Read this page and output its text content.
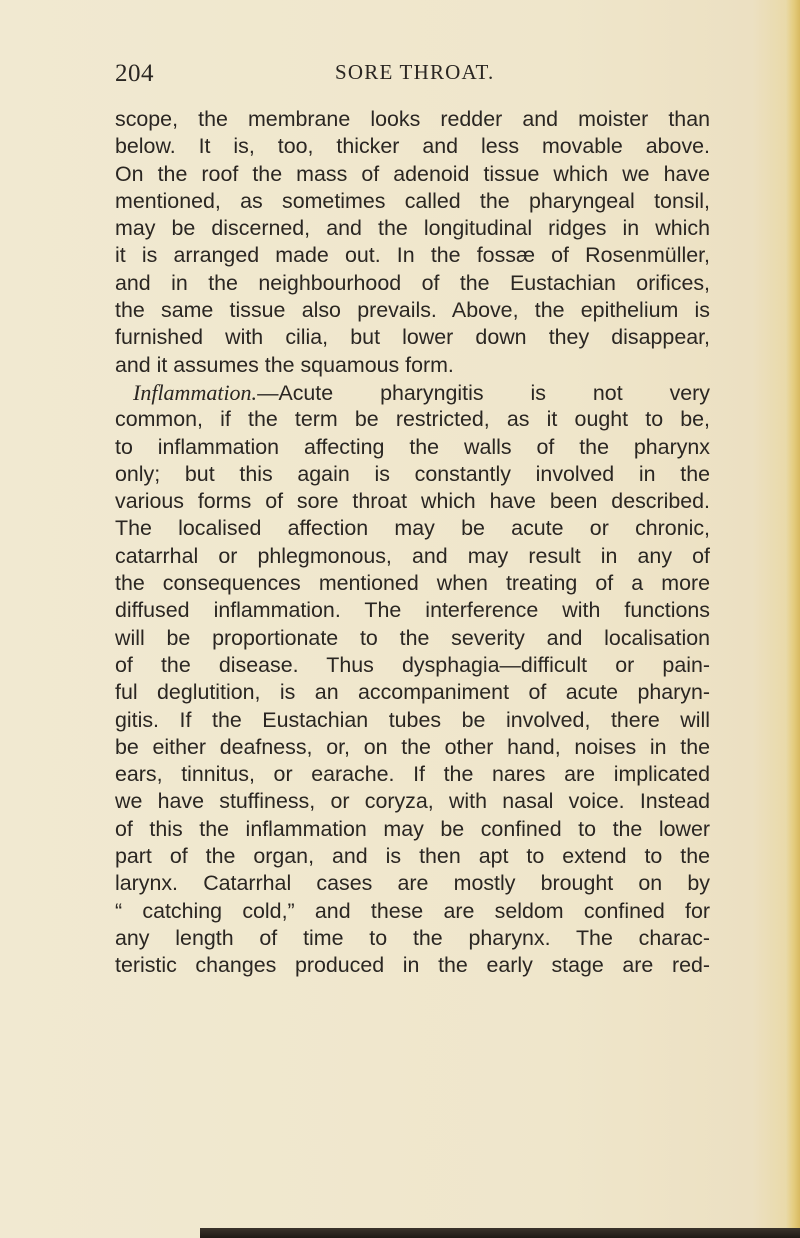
204	SORE THROAT.
scope, the membrane looks redder and moister than
below. It is, too, thicker and less movable above.
On the roof the mass of adenoid tissue which we have
mentioned, as sometimes called the pharyngeal tonsil,
may be discerned, and the longitudinal ridges in which
it is arranged made out. In the fossæ of Rosenmüller,
and in the neighbourhood of the Eustachian orifices,
the same tissue also prevails. Above, the epithelium is
furnished with cilia, but lower down they disappear,
and it assumes the squamous form.
Inflammation.—Acute pharyngitis is not very
common, if the term be restricted, as it ought to be,
to inflammation affecting the walls of the pharynx
only; but this again is constantly involved in the
various forms of sore throat which have been described.
The localised affection may be acute or chronic,
catarrhal or phlegmonous, and may result in any of
the consequences mentioned when treating of a more
diffused inflammation. The interference with functions
will be proportionate to the severity and localisation
of the disease. Thus dysphagia—difficult or pain-
ful deglutition, is an accompaniment of acute pharyn-
gitis. If the Eustachian tubes be involved, there will
be either deafness, or, on the other hand, noises in the
ears, tinnitus, or earache. If the nares are implicated
we have stuffiness, or coryza, with nasal voice. Instead
of this the inflammation may be confined to the lower
part of the organ, and is then apt to extend to the
larynx. Catarrhal cases are mostly brought on by
“ catching cold,” and these are seldom confined for
any length of time to the pharynx. The charac-
teristic changes produced in the early stage are red-
